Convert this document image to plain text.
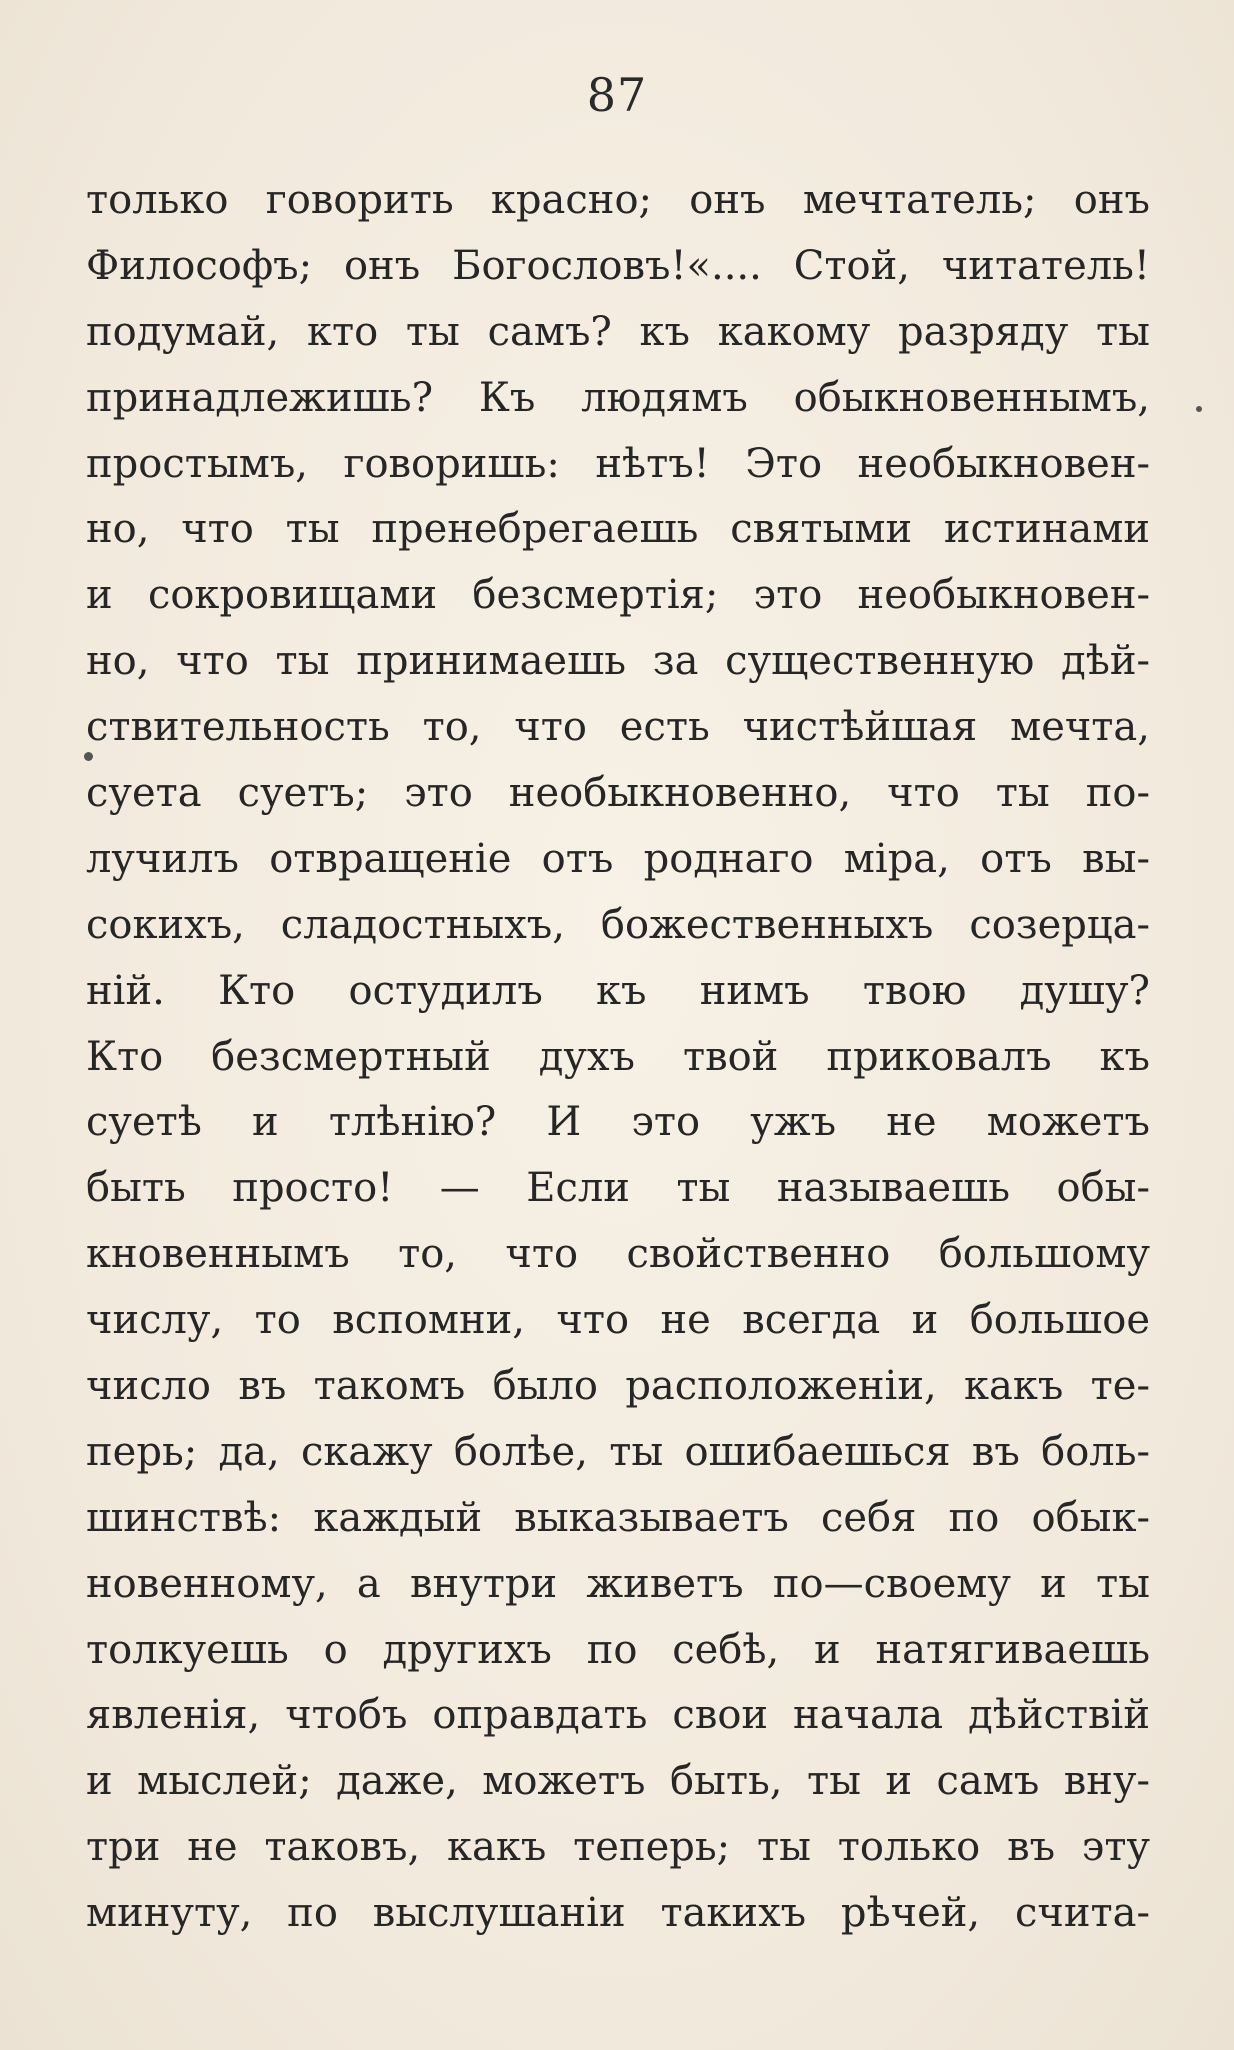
87
только говорить красно; онъ мечтатель; онъ
Философъ; онъ Богословъ!«.... Стой, читатель!
подумай, кто ты самъ? къ какому разряду ты
принадлежишь? Къ людямъ обыкновеннымъ,
простымъ, говоришь: нѣтъ! Это необыкновен-
но, что ты пренебрегаешь святыми истинами
и сокровищами безсмертія; это необыкновен-
но, что ты принимаешь за существенную дѣй-
ствительность то, что есть чистѣйшая мечта,
суета суетъ; это необыкновенно, что ты по-
лучилъ отвращеніе отъ роднаго міра, отъ вы-
сокихъ, сладостныхъ, божественныхъ созерца-
ній. Кто остудилъ къ нимъ твою душу?
Кто безсмертный духъ твой приковалъ къ
суетѣ и тлѣнію? И это ужъ не можетъ
быть просто! — Если ты называешь обы-
кновеннымъ то, что свойственно большому
числу, то вспомни, что не всегда и большое
число въ такомъ было расположеніи, какъ те-
перь; да, скажу болѣе, ты ошибаешься въ боль-
шинствѣ: каждый выказываетъ себя по обык-
новенному, а внутри живетъ по—своему и ты
толкуешь о другихъ по себѣ, и натягиваешь
явленія, чтобъ оправдать свои начала дѣйствій
и мыслей; даже, можетъ быть, ты и самъ вну-
три не таковъ, какъ теперь; ты только въ эту
минуту, по выслушаніи такихъ рѣчей, счита-
